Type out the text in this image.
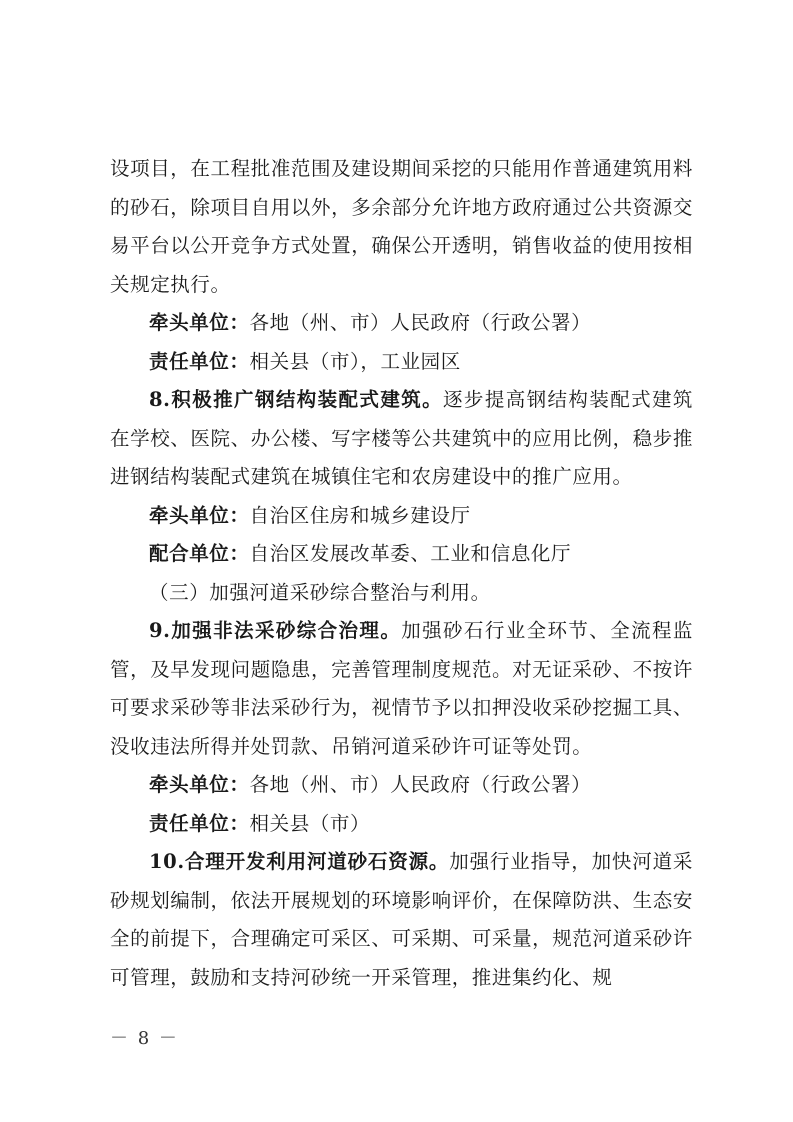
设项目，在工程批准范围及建设期间采挖的只能用作普通建筑用料的砂石，除项目自用以外，多余部分允许地方政府通过公共资源交易平台以公开竞争方式处置，确保公开透明，销售收益的使用按相关规定执行。

牵头单位：各地（州、市）人民政府（行政公署）

责任单位：相关县（市），工业园区

8.积极推广钢结构装配式建筑。逐步提高钢结构装配式建筑在学校、医院、办公楼、写字楼等公共建筑中的应用比例，稳步推进钢结构装配式建筑在城镇住宅和农房建设中的推广应用。

牵头单位：自治区住房和城乡建设厅

配合单位：自治区发展改革委、工业和信息化厅

（三）加强河道采砂综合整治与利用。

9.加强非法采砂综合治理。加强砂石行业全环节、全流程监管，及早发现问题隐患，完善管理制度规范。对无证采砂、不按许可要求采砂等非法采砂行为，视情节予以扣押没收采砂挖掘工具、没收违法所得并处罚款、吊销河道采砂许可证等处罚。

牵头单位：各地（州、市）人民政府（行政公署）

责任单位：相关县（市）

10.合理开发利用河道砂石资源。加强行业指导，加快河道采砂规划编制，依法开展规划的环境影响评价，在保障防洪、生态安全的前提下，合理确定可采区、可采期、可采量，规范河道采砂许可管理，鼓励和支持河砂统一开采管理，推进集约化、规

－ 8 －
